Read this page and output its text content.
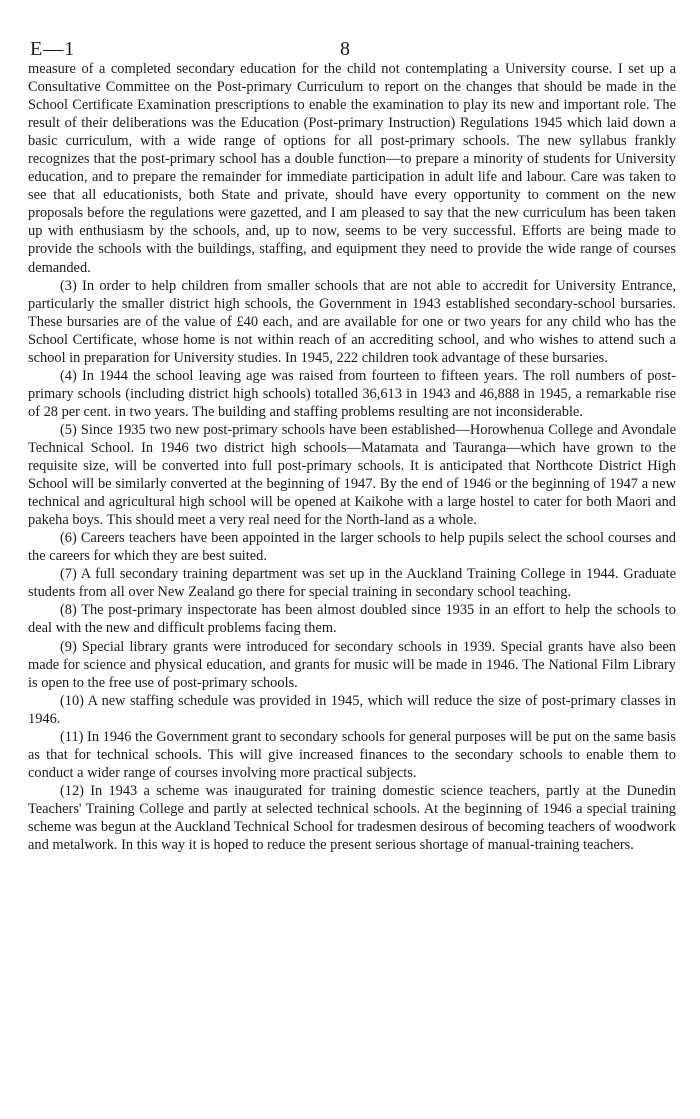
E—1	8

measure of a completed secondary education for the child not contemplating a University course. I set up a Consultative Committee on the Post-primary Curriculum to report on the changes that should be made in the School Certificate Examination prescriptions to enable the examination to play its new and important role. The result of their deliberations was the Education (Post-primary Instruction) Regulations 1945 which laid down a basic curriculum, with a wide range of options for all post-primary schools. The new syllabus frankly recognizes that the post-primary school has a double function—to prepare a minority of students for University education, and to prepare the remainder for immediate participation in adult life and labour. Care was taken to see that all educationists, both State and private, should have every opportunity to comment on the new proposals before the regulations were gazetted, and I am pleased to say that the new curriculum has been taken up with enthusiasm by the schools, and, up to now, seems to be very successful. Efforts are being made to provide the schools with the buildings, staffing, and equipment they need to provide the wide range of courses demanded.

(3) In order to help children from smaller schools that are not able to accredit for University Entrance, particularly the smaller district high schools, the Government in 1943 established secondary-school bursaries. These bursaries are of the value of £40 each, and are available for one or two years for any child who has the School Certificate, whose home is not within reach of an accrediting school, and who wishes to attend such a school in preparation for University studies. In 1945, 222 children took advantage of these bursaries.

(4) In 1944 the school leaving age was raised from fourteen to fifteen years. The roll numbers of post-primary schools (including district high schools) totalled 36,613 in 1943 and 46,888 in 1945, a remarkable rise of 28 per cent. in two years. The building and staffing problems resulting are not inconsiderable.

(5) Since 1935 two new post-primary schools have been established—Horowhenua College and Avondale Technical School. In 1946 two district high schools—Matamata and Tauranga—which have grown to the requisite size, will be converted into full post-primary schools. It is anticipated that Northcote District High School will be similarly converted at the beginning of 1947. By the end of 1946 or the beginning of 1947 a new technical and agricultural high school will be opened at Kaikohe with a large hostel to cater for both Maori and pakeha boys. This should meet a very real need for the North-land as a whole.

(6) Careers teachers have been appointed in the larger schools to help pupils select the school courses and the careers for which they are best suited.

(7) A full secondary training department was set up in the Auckland Training College in 1944. Graduate students from all over New Zealand go there for special training in secondary school teaching.

(8) The post-primary inspectorate has been almost doubled since 1935 in an effort to help the schools to deal with the new and difficult problems facing them.

(9) Special library grants were introduced for secondary schools in 1939. Special grants have also been made for science and physical education, and grants for music will be made in 1946. The National Film Library is open to the free use of post-primary schools.

(10) A new staffing schedule was provided in 1945, which will reduce the size of post-primary classes in 1946.

(11) In 1946 the Government grant to secondary schools for general purposes will be put on the same basis as that for technical schools. This will give increased finances to the secondary schools to enable them to conduct a wider range of courses involving more practical subjects.

(12) In 1943 a scheme was inaugurated for training domestic science teachers, partly at the Dunedin Teachers' Training College and partly at selected technical schools. At the beginning of 1946 a special training scheme was begun at the Auckland Technical School for tradesmen desirous of becoming teachers of woodwork and metalwork. In this way it is hoped to reduce the present serious shortage of manual-training teachers.
